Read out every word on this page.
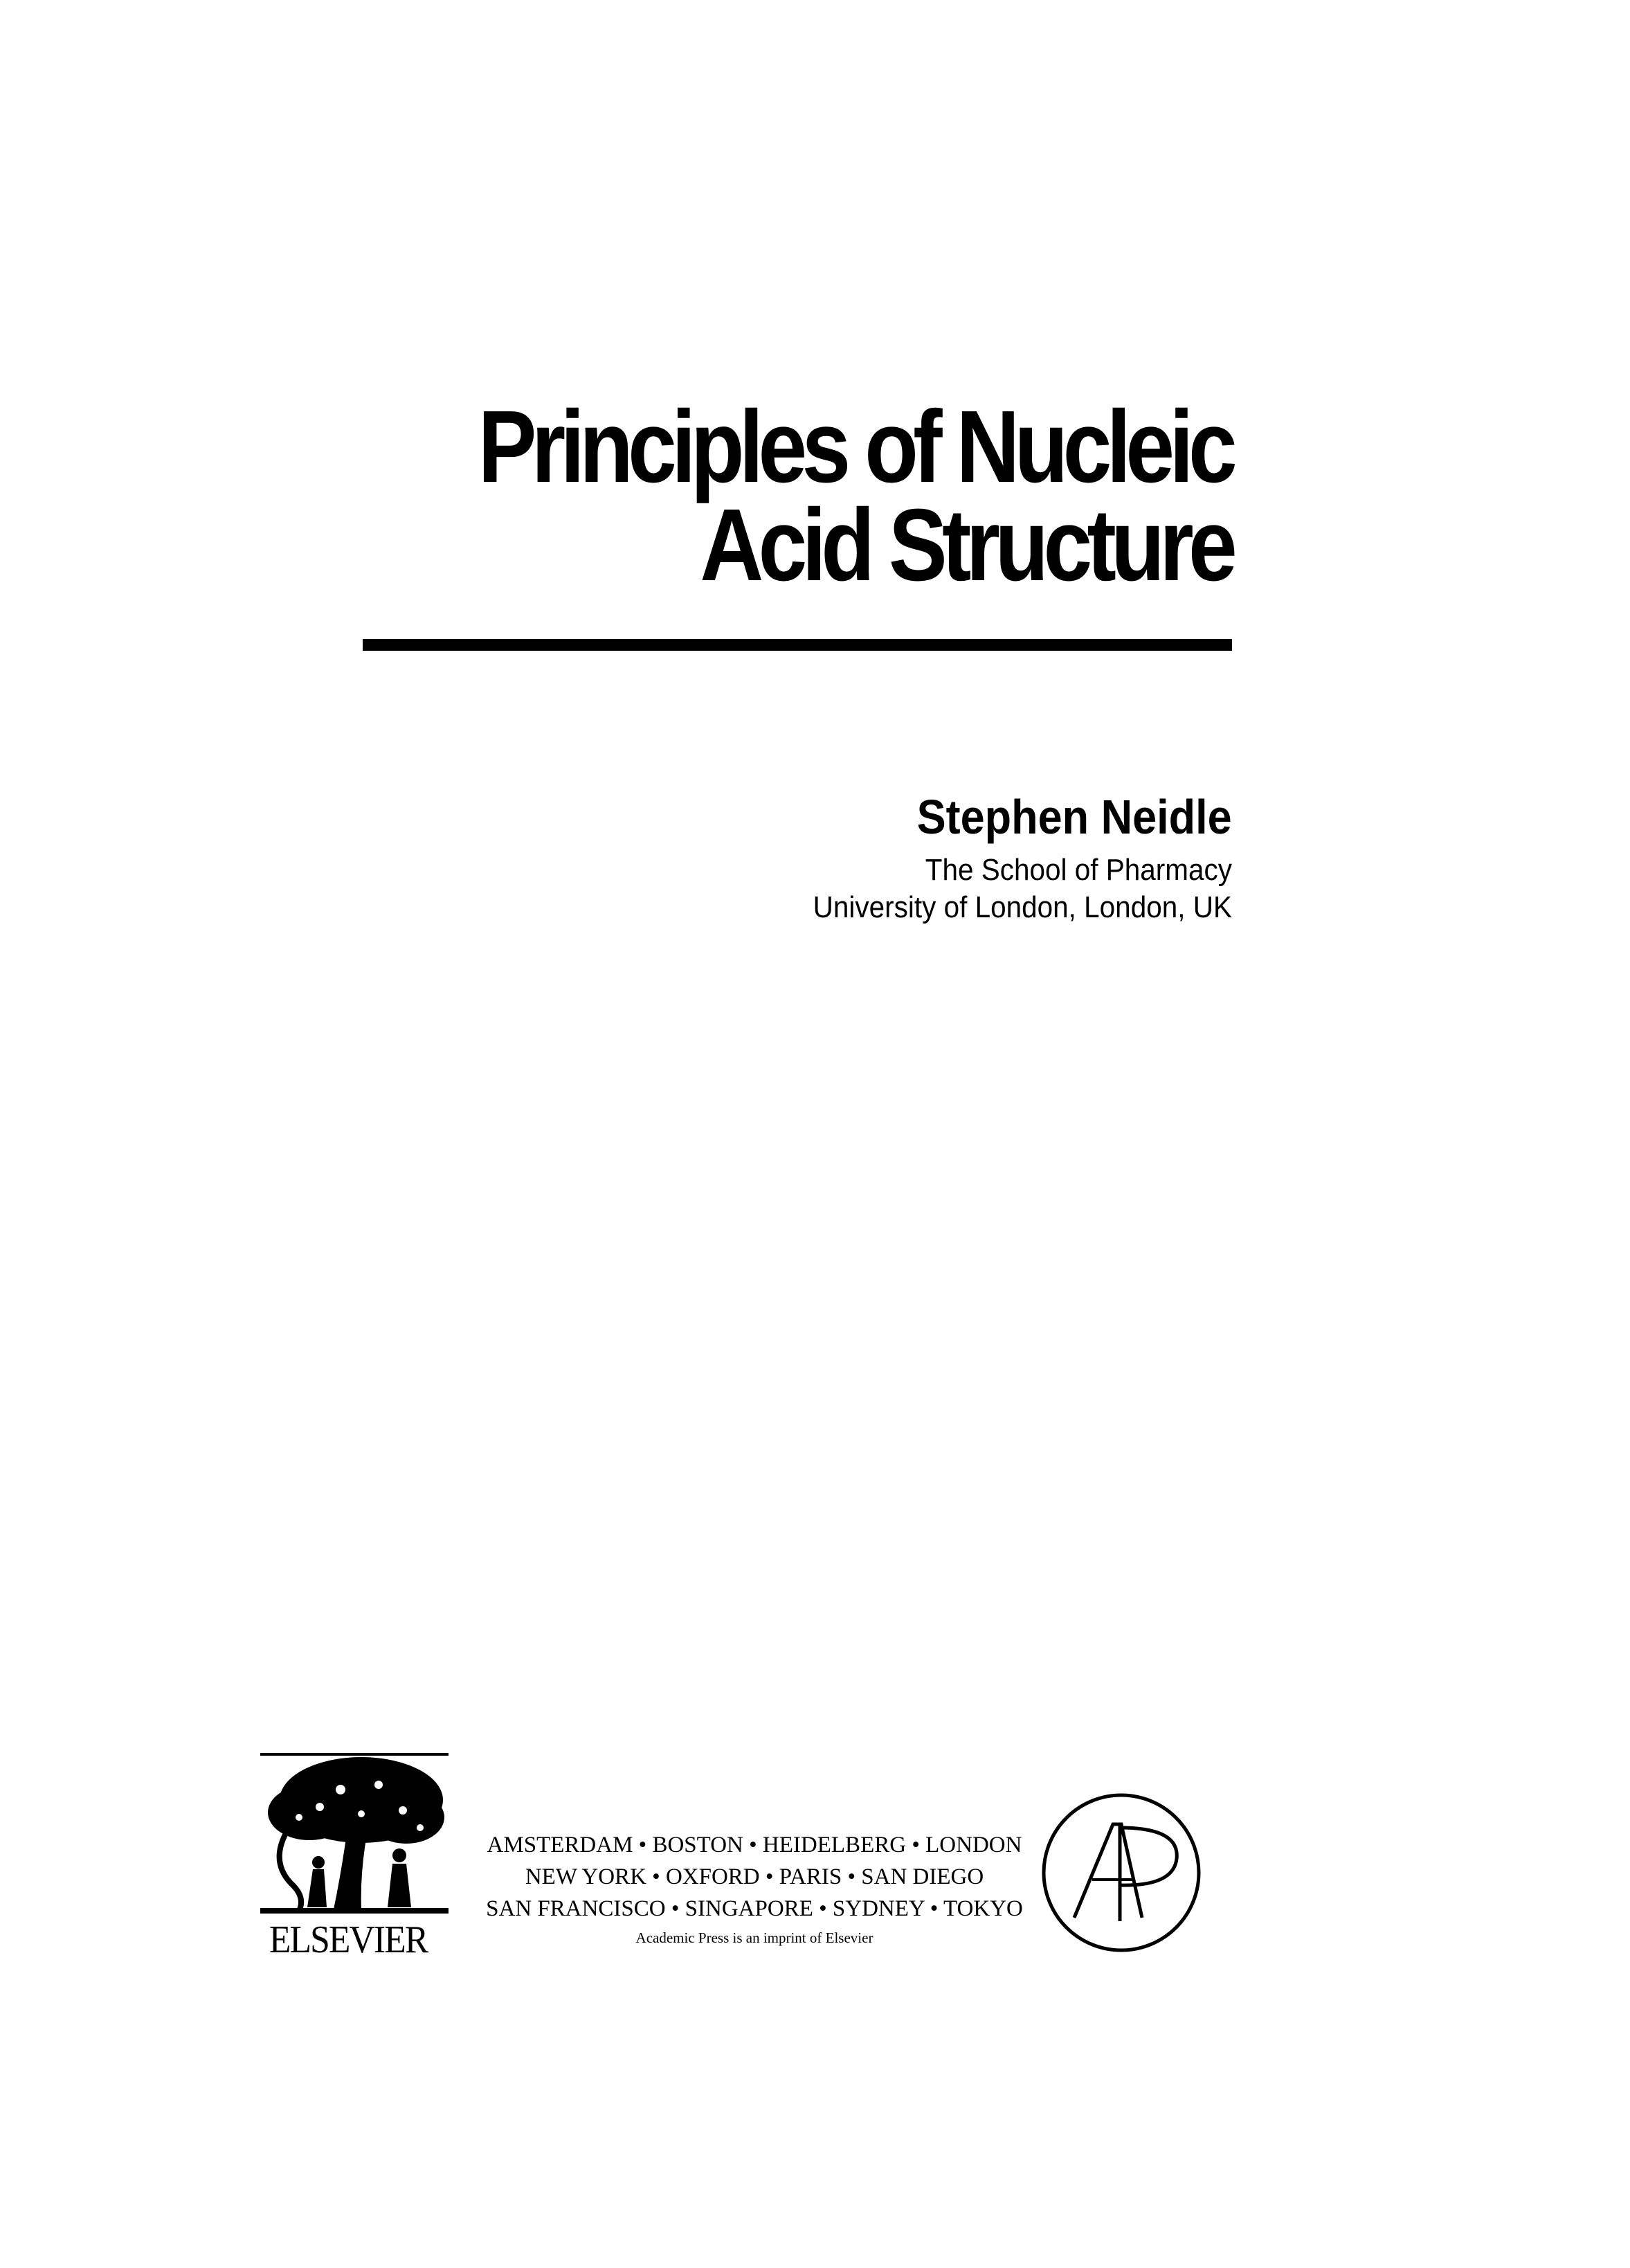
Principles of Nucleic
Acid Structure
Stephen Neidle
The School of Pharmacy
University of London, London, UK
ELSEVIER
AMSTERDAM • BOSTON • HEIDELBERG • LONDON
NEW YORK • OXFORD • PARIS • SAN DIEGO
SAN FRANCISCO • SINGAPORE • SYDNEY • TOKYO
Academic Press is an imprint of Elsevier
